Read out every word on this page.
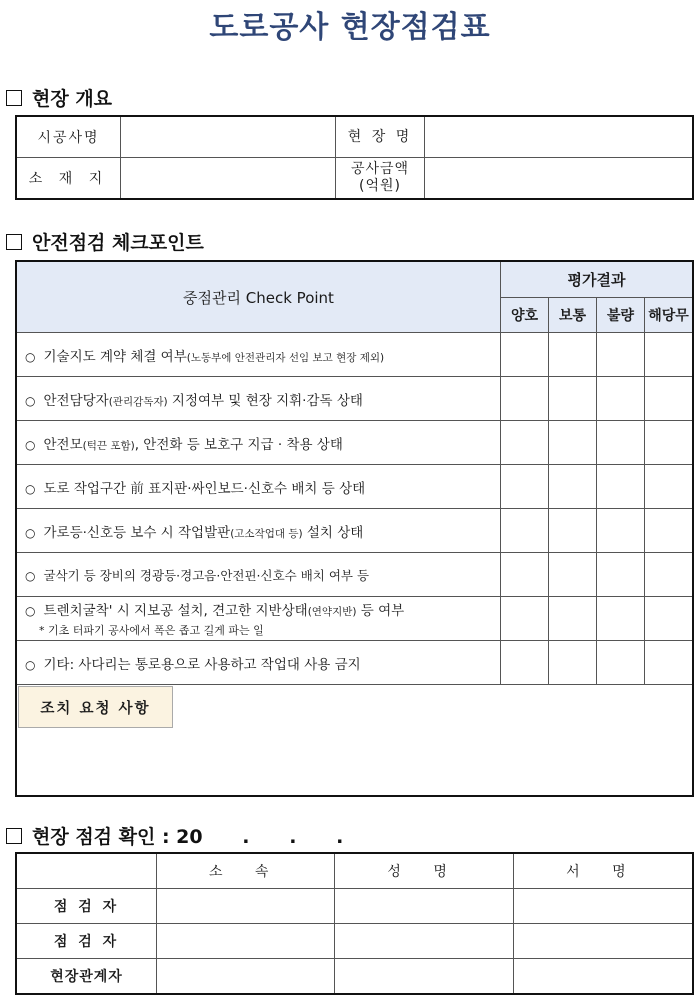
도로공사 현장점검표
현장 개요
시공사명		현 장 명	
소 재 지		공사금액
(억원)	
안전점검 체크포인트
중점관리 Check Point	평가결과			
	양호	보통	불량	해당무
○ 기술지도 계약 체결 여부(노동부에 안전관리자 선임 보고 현장 제외)				
○ 안전담당자(관리감독자) 지정여부 및 현장 지휘·감독 상태				
○ 안전모(턱끈 포함), 안전화 등 보호구 지급 · 착용 상태				
○ 도로 작업구간 前 표지판·싸인보드·신호수 배치 등 상태				
○ 가로등·신호등 보수 시 작업발판(고소작업대 등) 설치 상태				
○ 굴삭기 등 장비의 경광등·경고음·안전핀·신호수 배치 여부 등				
○ 트렌치굴착' 시 지보공 설치, 견고한 지반상태(연약지반) 등 여부
* 기초 터파기 공사에서 폭은 좁고 길게 파는 일				

○ 기타: 사다리는 통로용으로 사용하고 작업대 사용 금지				

조치 요청 사항				
현장 점검 확인 : 20      .      .      .
	소 속	성 명	서 명
점 검 자			
점 검 자			
현장관계자			
